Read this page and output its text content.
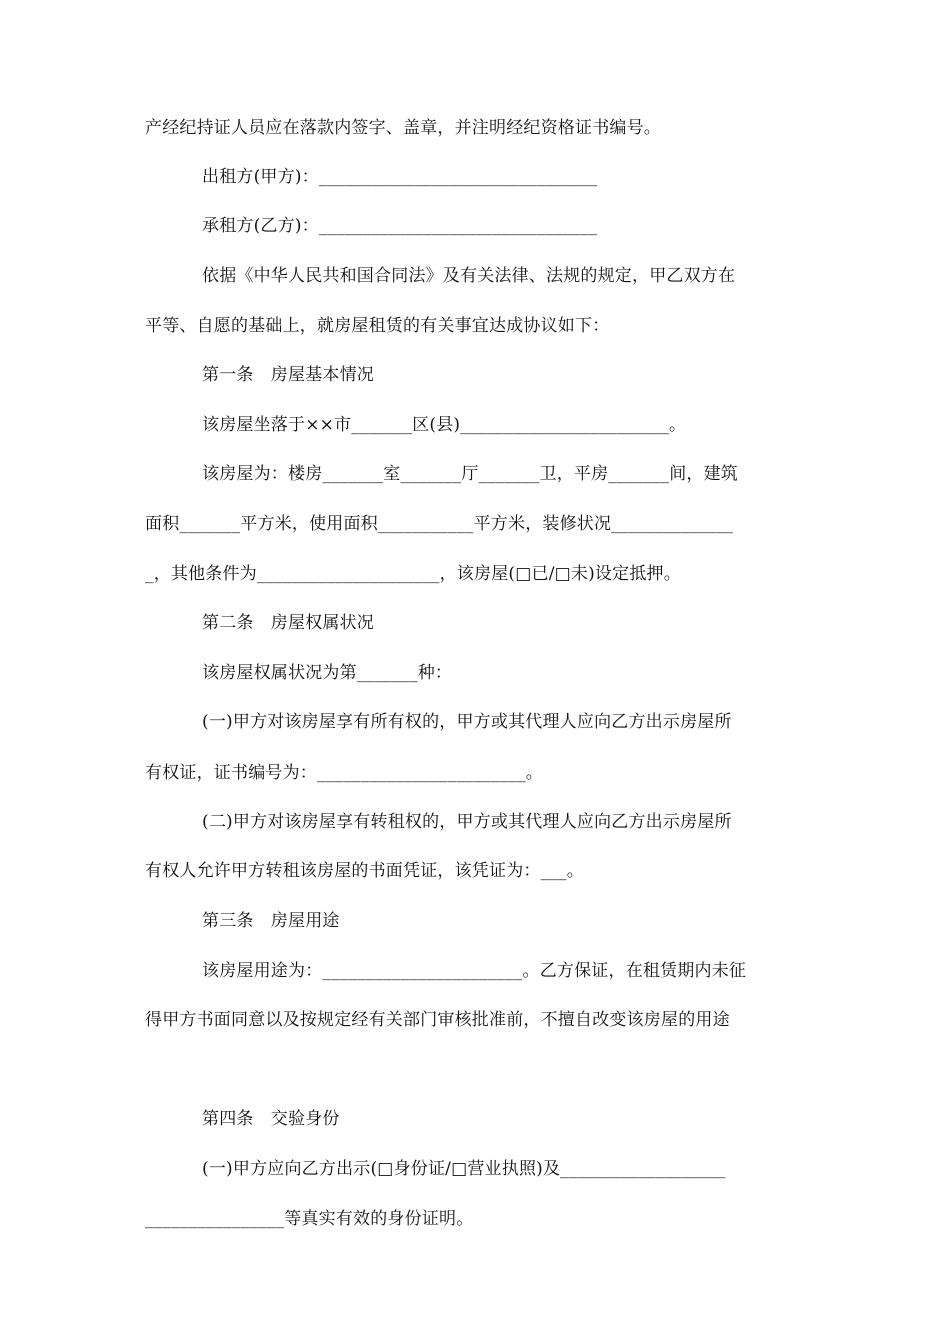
产经纪持证人员应在落款内签字、盖章，并注明经纪资格证书编号。
出租方(甲方)：________________________________
承租方(乙方)：________________________________
依据《中华人民共和国合同法》及有关法律、法规的规定，甲乙双方在
平等、自愿的基础上，就房屋租赁的有关事宜达成协议如下：
第一条　房屋基本情况
该房屋坐落于××市_______区(县)________________________。
该房屋为：楼房_______室_______厅_______卫，平房_______间，建筑
面积_______平方米，使用面积___________平方米，装修状况______________
_，其他条件为_____________________，该房屋(□已/□未)设定抵押。
第二条　房屋权属状况
该房屋权属状况为第_______种：
(一)甲方对该房屋享有所有权的，甲方或其代理人应向乙方出示房屋所
有权证，证书编号为：________________________。
(二)甲方对该房屋享有转租权的，甲方或其代理人应向乙方出示房屋所
有权人允许甲方转租该房屋的书面凭证，该凭证为：___。
第三条　房屋用途
该房屋用途为：_______________________。乙方保证，在租赁期内未征
得甲方书面同意以及按规定经有关部门审核批准前，不擅自改变该房屋的用途
第四条　交验身份
(一)甲方应向乙方出示(□身份证/□营业执照)及___________________
________________等真实有效的身份证明。
